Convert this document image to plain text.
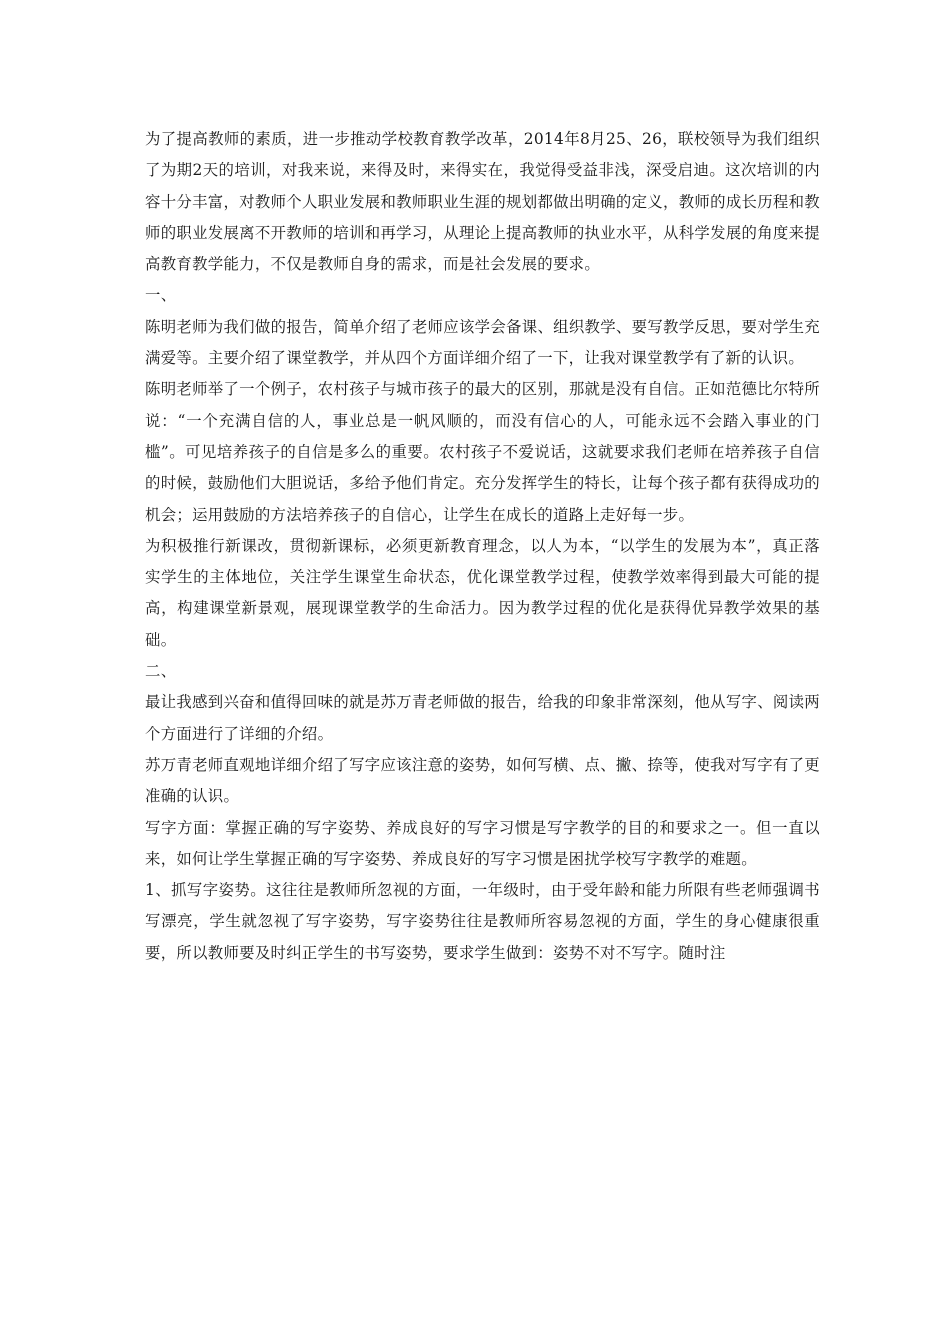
为了提高教师的素质，进一步推动学校教育教学改革，2014年8月25、26，联校领导为我们组织了为期2天的培训，对我来说，来得及时，来得实在，我觉得受益非浅，深受启迪。这次培训的内容十分丰富，对教师个人职业发展和教师职业生涯的规划都做出明确的定义，教师的成长历程和教师的职业发展离不开教师的培训和再学习，从理论上提高教师的执业水平，从科学发展的角度来提高教育教学能力，不仅是教师自身的需求，而是社会发展的要求。

一、

陈明老师为我们做的报告，简单介绍了老师应该学会备课、组织教学、要写教学反思，要对学生充满爱等。主要介绍了课堂教学，并从四个方面详细介绍了一下，让我对课堂教学有了新的认识。

陈明老师举了一个例子，农村孩子与城市孩子的最大的区别，那就是没有自信。正如范德比尔特所说：“一个充满自信的人，事业总是一帆风顺的，而没有信心的人，可能永远不会踏入事业的门槛”。可见培养孩子的自信是多么的重要。农村孩子不爱说话，这就要求我们老师在培养孩子自信的时候，鼓励他们大胆说话，多给予他们肯定。充分发挥学生的特长，让每个孩子都有获得成功的机会；运用鼓励的方法培养孩子的自信心，让学生在成长的道路上走好每一步。

为积极推行新课改，贯彻新课标，必须更新教育理念，以人为本，“以学生的发展为本”，真正落实学生的主体地位，关注学生课堂生命状态，优化课堂教学过程，使教学效率得到最大可能的提高，构建课堂新景观，展现课堂教学的生命活力。因为教学过程的优化是获得优异教学效果的基础。

二、

最让我感到兴奋和值得回味的就是苏万青老师做的报告，给我的印象非常深刻，他从写字、阅读两个方面进行了详细的介绍。

苏万青老师直观地详细介绍了写字应该注意的姿势，如何写横、点、撇、捺等，使我对写字有了更准确的认识。

写字方面：掌握正确的写字姿势、养成良好的写字习惯是写字教学的目的和要求之一。但一直以来，如何让学生掌握正确的写字姿势、养成良好的写字习惯是困扰学校写字教学的难题。

1、抓写字姿势。这往往是教师所忽视的方面，一年级时，由于受年龄和能力所限有些老师强调书写漂亮，学生就忽视了写字姿势，写字姿势往往是教师所容易忽视的方面，学生的身心健康很重要，所以教师要及时纠正学生的书写姿势，要求学生做到：姿势不对不写字。随时注
